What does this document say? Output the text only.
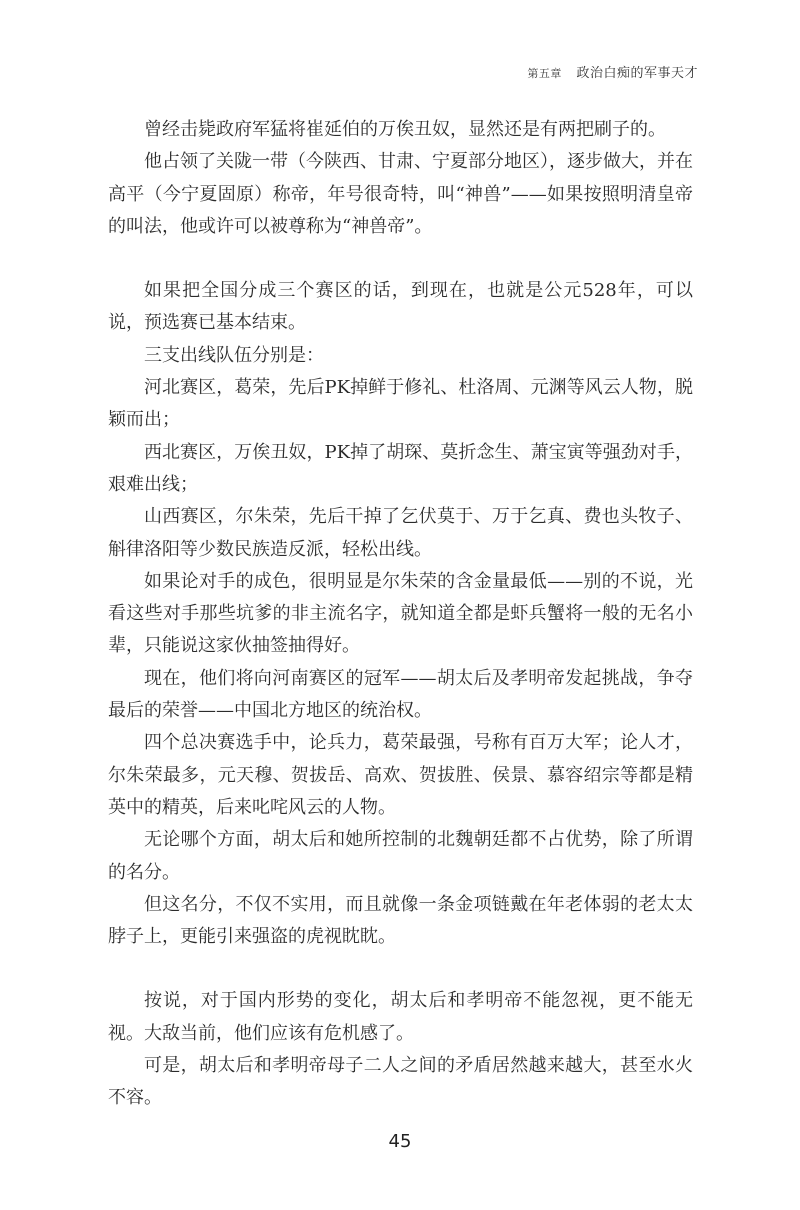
第五章 政治白痴的军事天才

曾经击毙政府军猛将崔延伯的万俟丑奴，显然还是有两把刷子的。

他占领了关陇一带（今陕西、甘肃、宁夏部分地区），逐步做大，并在高平（今宁夏固原）称帝，年号很奇特，叫“神兽”——如果按照明清皇帝的叫法，他或许可以被尊称为“神兽帝”。

如果把全国分成三个赛区的话，到现在，也就是公元528年，可以说，预选赛已基本结束。

三支出线队伍分别是：

河北赛区，葛荣，先后PK掉鲜于修礼、杜洛周、元渊等风云人物，脱颖而出；

西北赛区，万俟丑奴，PK掉了胡琛、莫折念生、萧宝寅等强劲对手，艰难出线；

山西赛区，尔朱荣，先后干掉了乞伏莫于、万于乞真、费也头牧子、斛律洛阳等少数民族造反派，轻松出线。

如果论对手的成色，很明显是尔朱荣的含金量最低——别的不说，光看这些对手那些坑爹的非主流名字，就知道全都是虾兵蟹将一般的无名小辈，只能说这家伙抽签抽得好。

现在，他们将向河南赛区的冠军——胡太后及孝明帝发起挑战，争夺最后的荣誉——中国北方地区的统治权。

四个总决赛选手中，论兵力，葛荣最强，号称有百万大军；论人才，尔朱荣最多，元天穆、贺拔岳、高欢、贺拔胜、侯景、慕容绍宗等都是精英中的精英，后来叱咤风云的人物。

无论哪个方面，胡太后和她所控制的北魏朝廷都不占优势，除了所谓的名分。

但这名分，不仅不实用，而且就像一条金项链戴在年老体弱的老太太脖子上，更能引来强盗的虎视眈眈。

按说，对于国内形势的变化，胡太后和孝明帝不能忽视，更不能无视。大敌当前，他们应该有危机感了。

可是，胡太后和孝明帝母子二人之间的矛盾居然越来越大，甚至水火不容。

45
